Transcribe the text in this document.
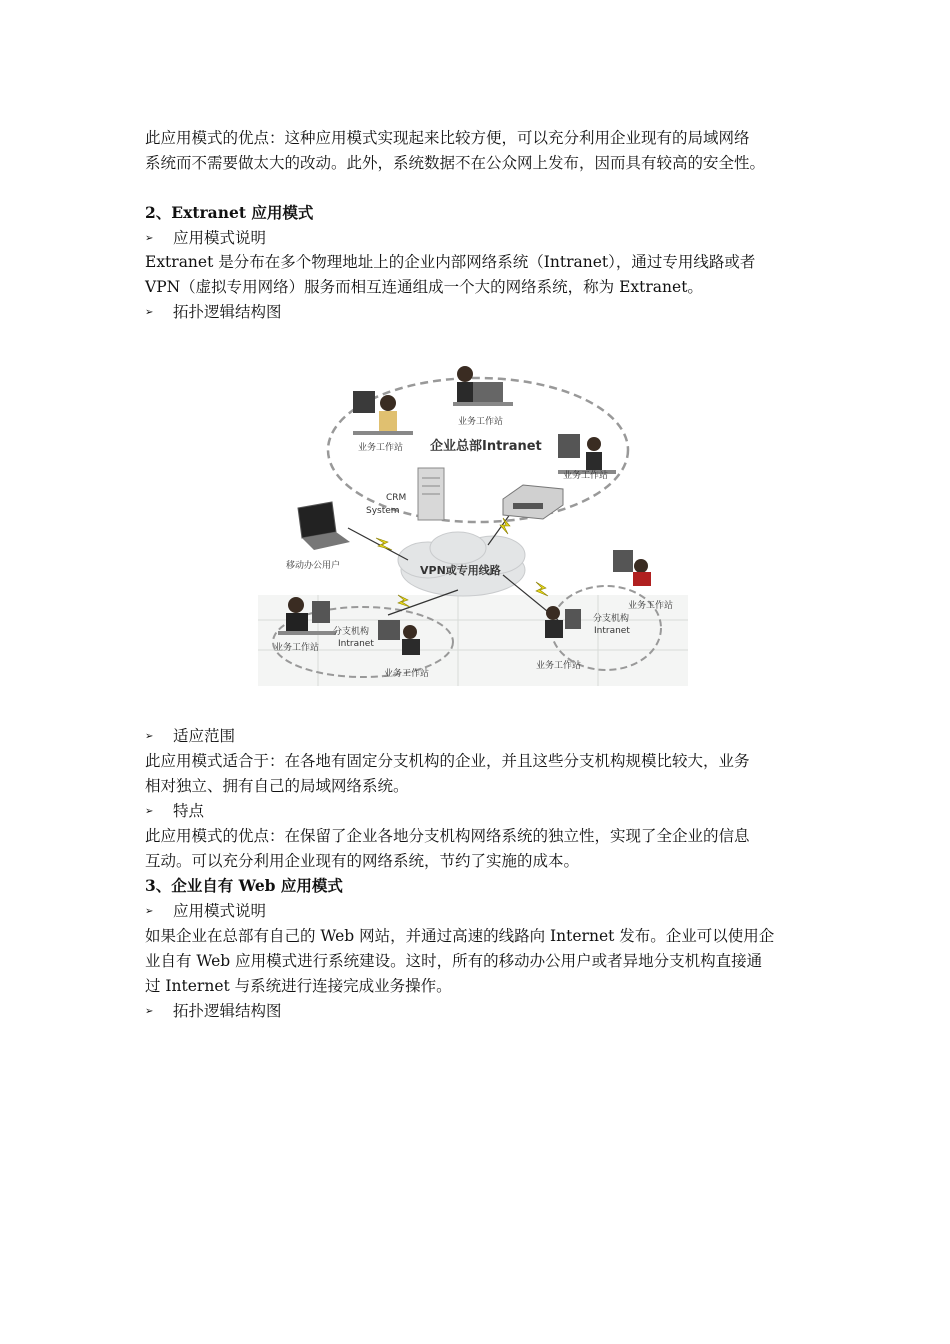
此应用模式的优点：这种应用模式实现起来比较方便，可以充分利用企业现有的局域网络
系统而不需要做太大的改动。此外，系统数据不在公众网上发布，因而具有较高的安全性。
2、Extranet 应用模式
➢ 应用模式说明
Extranet 是分布在多个物理地址上的企业内部网络系统（Intranet），通过专用线路或者
VPN（虚拟专用网络）服务而相互连通组成一个大的网络系统，称为 Extranet。
➢ 拓扑逻辑结构图
业务工作站
业务工作站
业务工作站
企业总部Intranet
CRM
System
移动办公用户	VPN或专用线路
业务工作站
分支机构
Intranet
分支机构
Intranet
业务工作站
业务工作站
业务工作站
➢ 适应范围
此应用模式适合于：在各地有固定分支机构的企业，并且这些分支机构规模比较大，业务
相对独立、拥有自己的局域网络系统。
➢ 特点
此应用模式的优点：在保留了企业各地分支机构网络系统的独立性，实现了全企业的信息
互动。可以充分利用企业现有的网络系统，节约了实施的成本。
3、企业自有 Web 应用模式
➢ 应用模式说明
如果企业在总部有自己的 Web 网站，并通过高速的线路向 Internet 发布。企业可以使用企
业自有 Web 应用模式进行系统建设。这时，所有的移动办公用户或者异地分支机构直接通
过 Internet 与系统进行连接完成业务操作。
➢ 拓扑逻辑结构图
